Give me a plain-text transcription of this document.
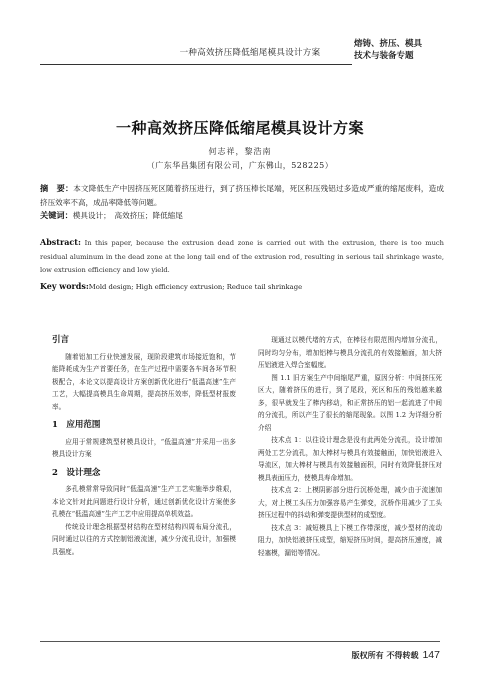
一种高效挤压降低缩尾模具设计方案
熔铸、挤压、模具
技术与装备专题
一种高效挤压降低缩尾模具设计方案
何志祥，黎浩南
（广东华昌集团有限公司，广东佛山，528225）
摘　要：本文降低生产中因挤压死区随着挤压进行，到了挤压棒长尾端，死区积压残铝过多造成严重的缩尾废料，造成挤压效率不高，成品率降低等问题。
关键词：模具设计；　高效挤压；降低缩尾
Abstract: In this paper, because the extrusion dead zone is carried out with the extrusion, there is too much residual aluminum in the dead zone at the long tail end of the extrusion rod, resulting in serious tail shrinkage waste, low extrusion efficiency and low yield.
Key words:Mold design; High efficiency extrusion; Reduce tail shrinkage
引言

随着铝加工行业快速发展，现阶段建筑市场接近饱和，节能降耗成为生产首要任务，在生产过程中需要各车间各环节积极配合，本论文以提高设计方案创新优化进行“低温高速”生产工艺，大幅提高模具生命周期，提高挤压效率，降低型材报废率。

1　应用范围

应用于常规建筑型材模具设计，“低温高速”并采用一出多模具设计方案

2　设计理念

多孔模常常导致同时“低温高速”生产工艺实施举步维艰，本论文针对此问题进行设计分析，通过创新优化设计方案使多孔模在“低温高速”生产工艺中应用提高单机效益。

传统设计理念根据型材结构在型材结构四周布局分流孔，同时通过以往的方式控制铝液流速，减少分流孔设计，加强模具强度。

现通过以模代堵的方式，在棒径有限范围内增加分流孔，同时均匀分布，增加铝棒与模具分流孔的有效接触面，加大挤压铝液进入焊合室幅度。

图 1.1 旧方案生产中间缩尾严重，原因分析：中间挤压死区大，随着挤压的进行，到了尾段，死区和压的残铝越来越多，很早就发生了棒内移动，和正常挤压的铝一起流进了中间的分流孔，所以产生了很长的缩尾现象。以图 1.2 为详细分析介绍

技术点 1：以往设计理念是没有此两处分流孔，设计增加两处工艺分流孔，加大棒材与模具有效接触面，加快铝液进入导流区，加大棒材与模具有效接触面积，同时有效降低挤压对模具表面压力，使模具寿命增加。

技术点 2：上模阴影部分进行沉桥处理，减少由于流速加大，对上模工头压力加强容易产生弹变，沉桥作用减少了工头挤压过程中的抖动和弹变提供型材的成型度。

技术点 3：减短模具上下模工作带深度，减少型材的流动阻力，加快铝液挤压成型，缩短挤压时间，提高挤压速度，减轻塞模，漏铝等情况。

版权所有 不得转载 147
